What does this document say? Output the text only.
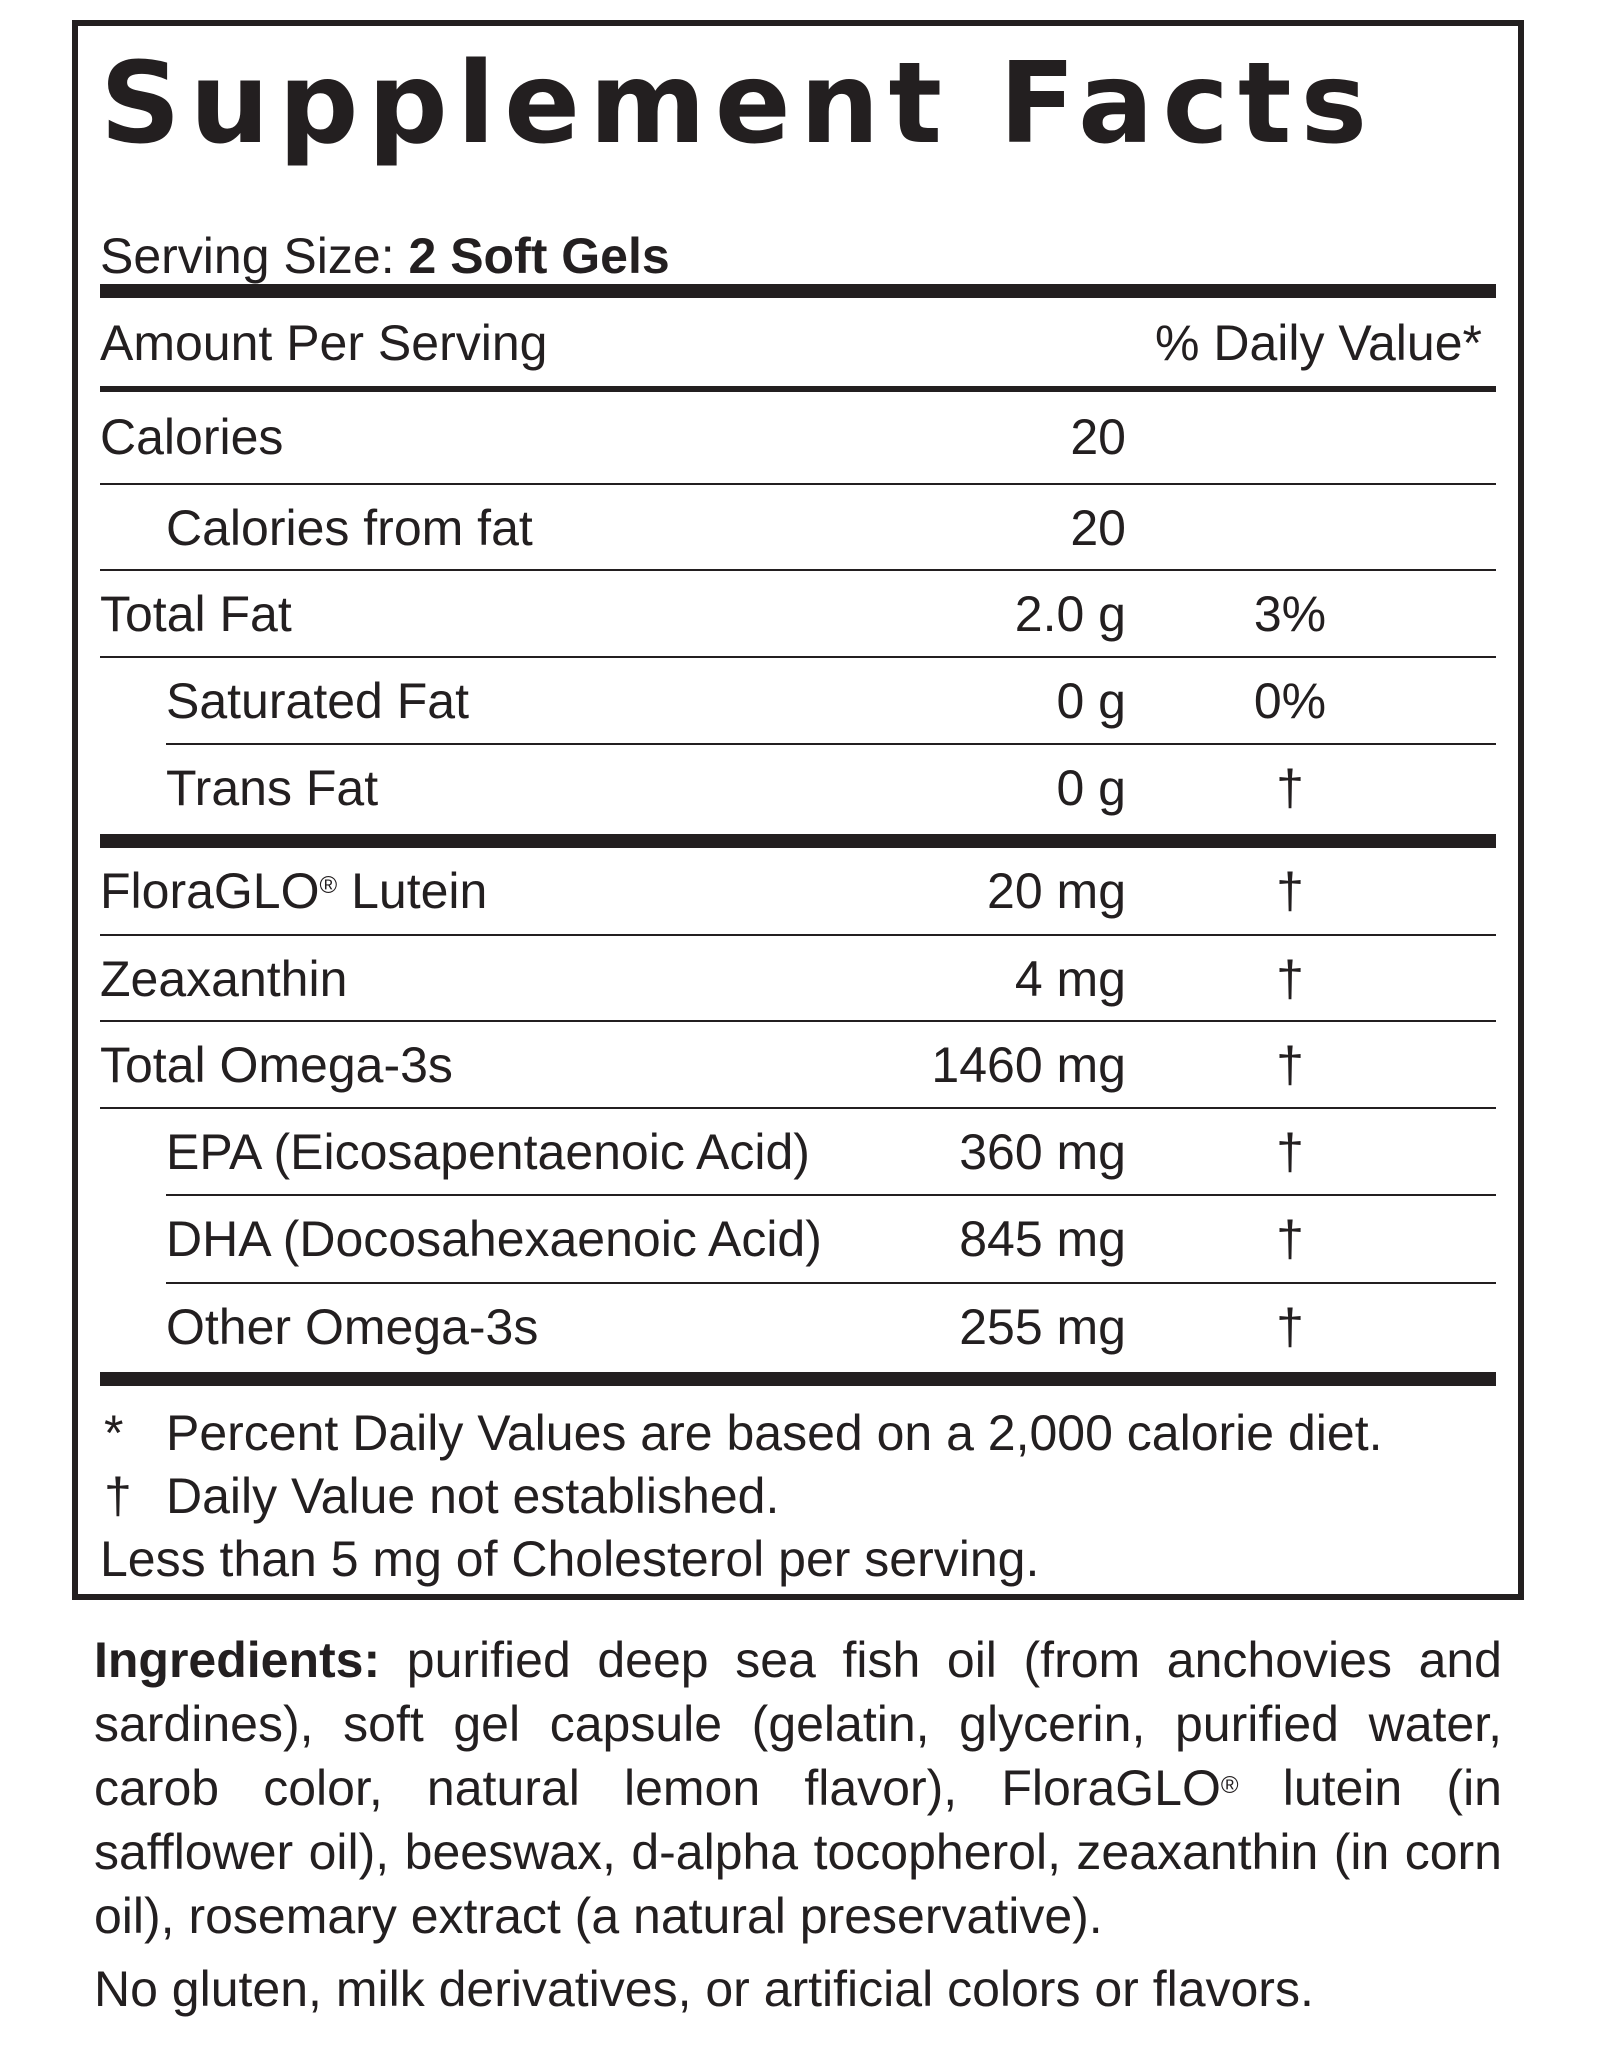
Supplement Facts
Serving Size: 2 Soft Gels
Amount Per Serving	% Daily Value*
Calories	20
Calories from fat	20
Total Fat	2.0 g	3%
Saturated Fat	0 g	0%
Trans Fat	0 g	†
FloraGLO® Lutein	20 mg	†
Zeaxanthin	4 mg	†
Total Omega-3s	1460 mg	†
EPA (Eicosapentaenoic Acid)	360 mg	†
DHA (Docosahexaenoic Acid)	845 mg	†
Other Omega-3s	255 mg	†
* Percent Daily Values are based on a 2,000 calorie diet.
† Daily Value not established.
Less than 5 mg of Cholesterol per serving.
Ingredients: purified deep sea fish oil (from anchovies and sardines), soft gel capsule (gelatin, glycerin, purified water, carob color, natural lemon flavor), FloraGLO® lutein (in safflower oil), beeswax, d-alpha tocopherol, zeaxanthin (in corn oil), rosemary extract (a natural preservative).
No gluten, milk derivatives, or artificial colors or flavors.
